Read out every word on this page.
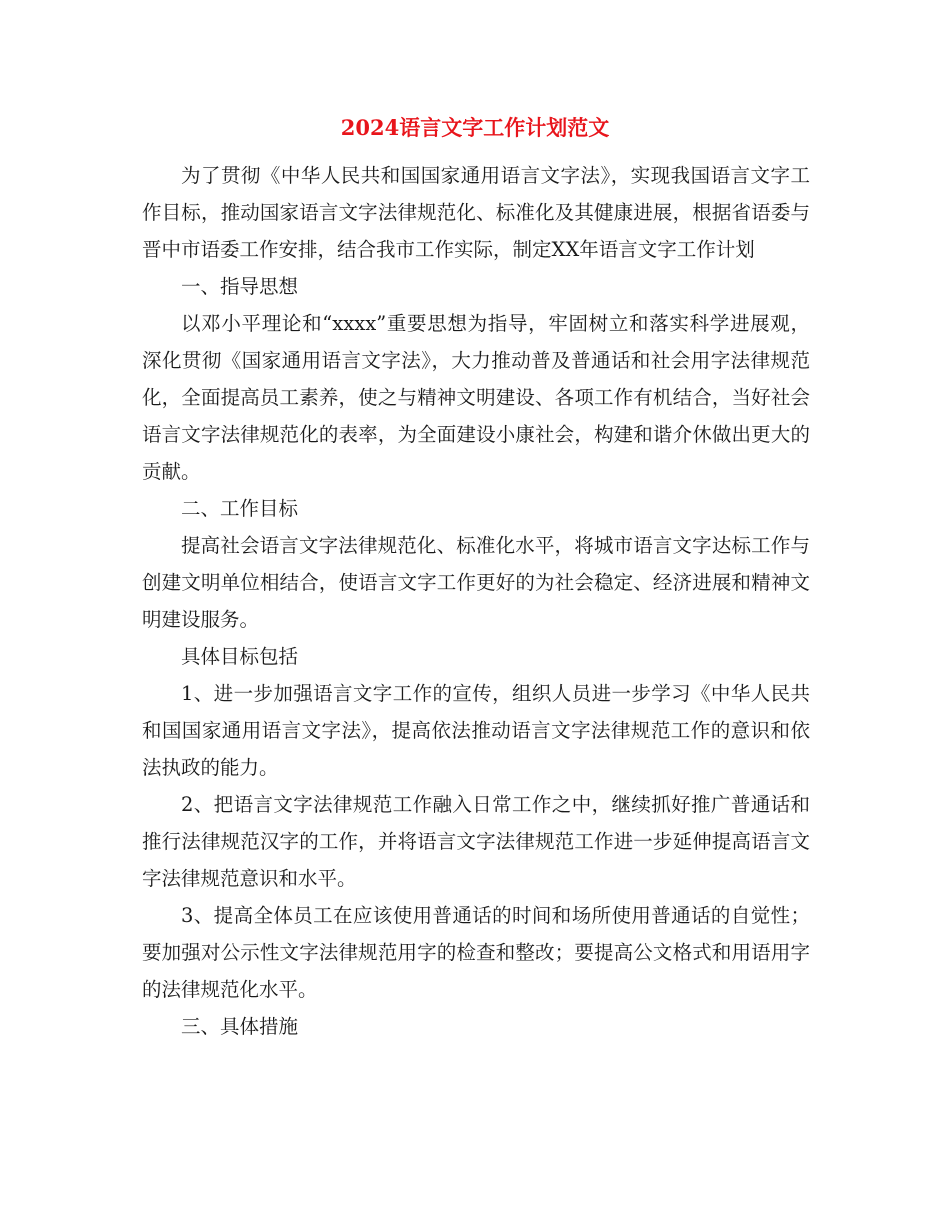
2024语言文字工作计划范文

为了贯彻《中华人民共和国国家通用语言文字法》，实现我国语言文字工作目标，推动国家语言文字法律规范化、标准化及其健康进展，根据省语委与晋中市语委工作安排，结合我市工作实际，制定XX年语言文字工作计划

一、指导思想

以邓小平理论和“xxxx”重要思想为指导，牢固树立和落实科学进展观，深化贯彻《国家通用语言文字法》，大力推动普及普通话和社会用字法律规范化，全面提高员工素养，使之与精神文明建设、各项工作有机结合，当好社会语言文字法律规范化的表率，为全面建设小康社会，构建和谐介休做出更大的贡献。

二、工作目标

提高社会语言文字法律规范化、标准化水平，将城市语言文字达标工作与创建文明单位相结合，使语言文字工作更好的为社会稳定、经济进展和精神文明建设服务。

具体目标包括

1、进一步加强语言文字工作的宣传，组织人员进一步学习《中华人民共和国国家通用语言文字法》，提高依法推动语言文字法律规范工作的意识和依法执政的能力。

2、把语言文字法律规范工作融入日常工作之中，继续抓好推广普通话和推行法律规范汉字的工作，并将语言文字法律规范工作进一步延伸提高语言文字法律规范意识和水平。

3、提高全体员工在应该使用普通话的时间和场所使用普通话的自觉性；要加强对公示性文字法律规范用字的检查和整改；要提高公文格式和用语用字的法律规范化水平。

三、具体措施
